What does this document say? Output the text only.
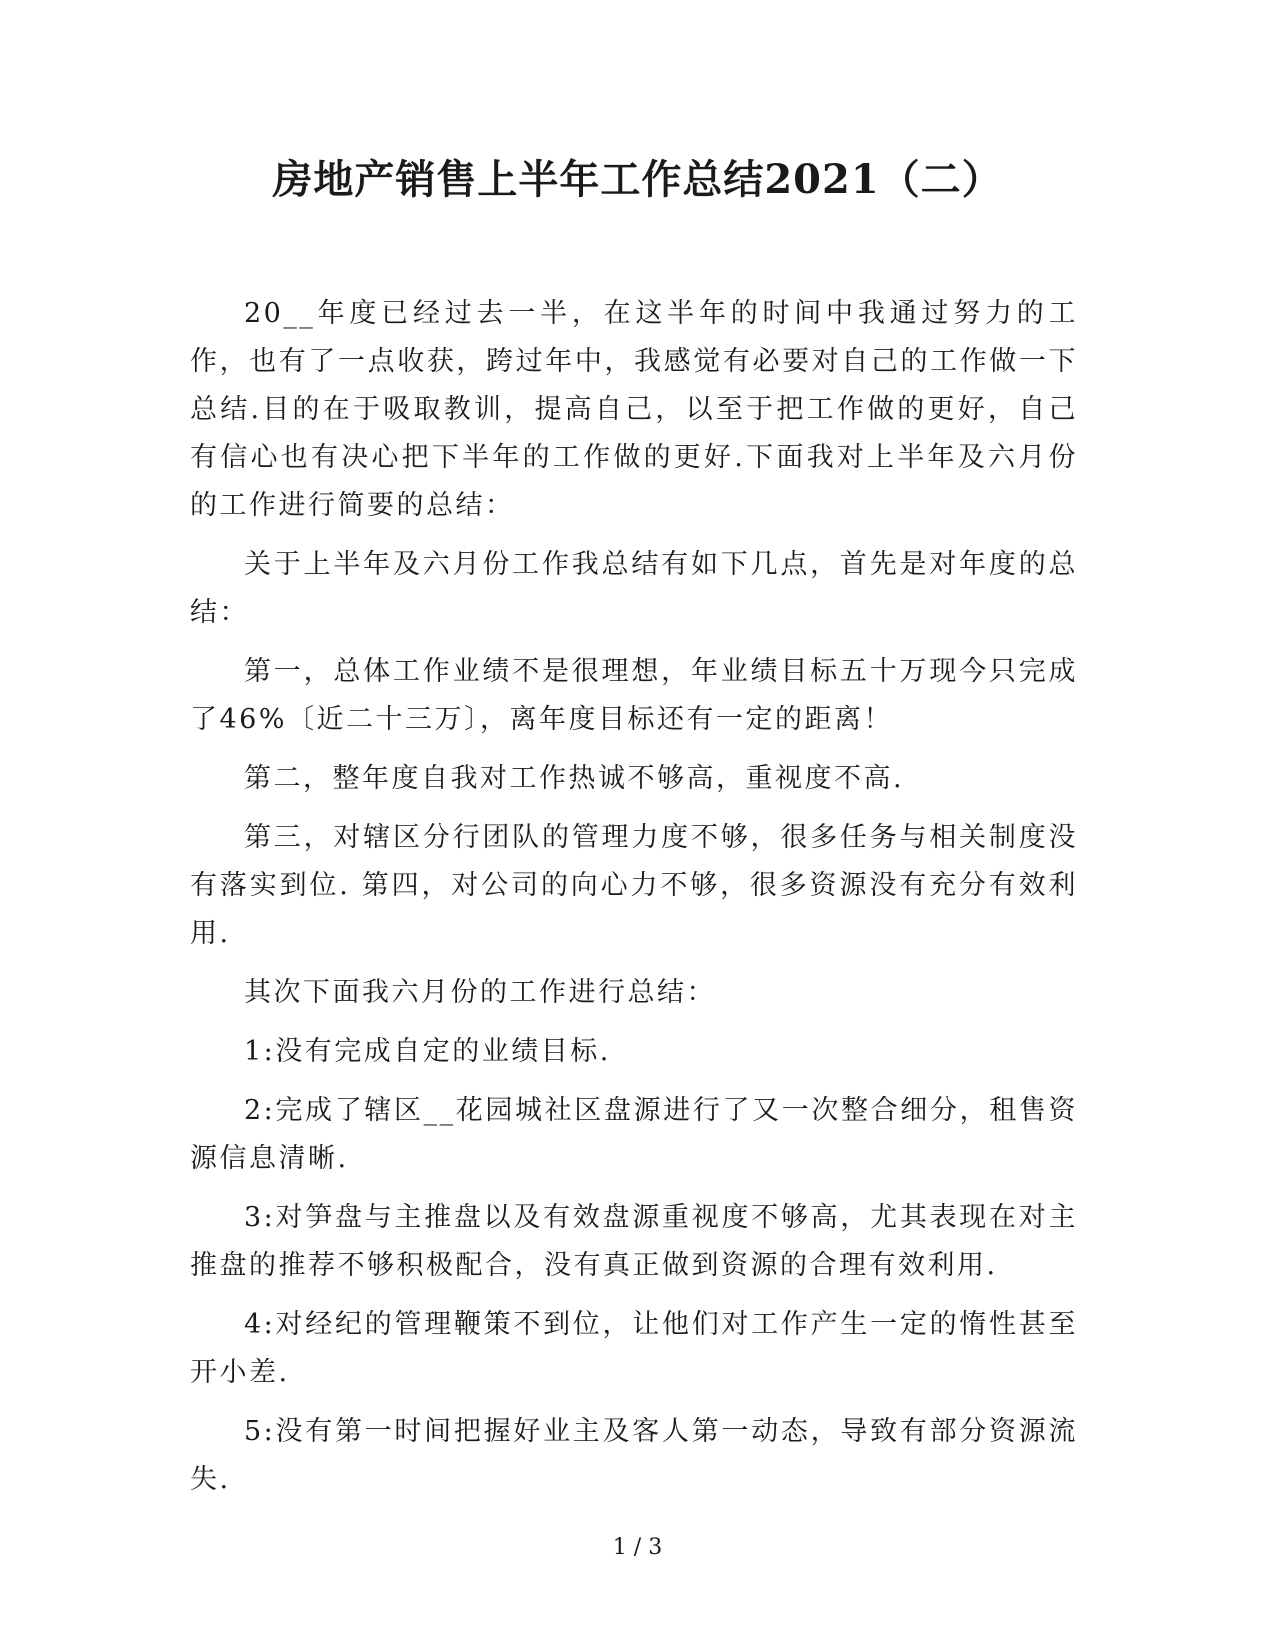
房地产销售上半年工作总结2021（二）

20__年度已经过去一半，在这半年的时间中我通过努力的工作，也有了一点收获，跨过年中，我感觉有必要对自己的工作做一下总结.目的在于吸取教训，提高自己，以至于把工作做的更好，自己有信心也有决心把下半年的工作做的更好.下面我对上半年及六月份的工作进行简要的总结：

关于上半年及六月份工作我总结有如下几点，首先是对年度的总结：

第一，总体工作业绩不是很理想，年业绩目标五十万现今只完成了46%〔近二十三万〕，离年度目标还有一定的距离！

第二，整年度自我对工作热诚不够高，重视度不高.

第三，对辖区分行团队的管理力度不够，很多任务与相关制度没有落实到位. 第四，对公司的向心力不够，很多资源没有充分有效利用.

其次下面我六月份的工作进行总结：

1:没有完成自定的业绩目标.

2:完成了辖区__花园城社区盘源进行了又一次整合细分，租售资源信息清晰.

3:对笋盘与主推盘以及有效盘源重视度不够高，尤其表现在对主推盘的推荐不够积极配合，没有真正做到资源的合理有效利用.

4:对经纪的管理鞭策不到位，让他们对工作产生一定的惰性甚至开小差.

5:没有第一时间把握好业主及客人第一动态，导致有部分资源流失.

1 / 3
